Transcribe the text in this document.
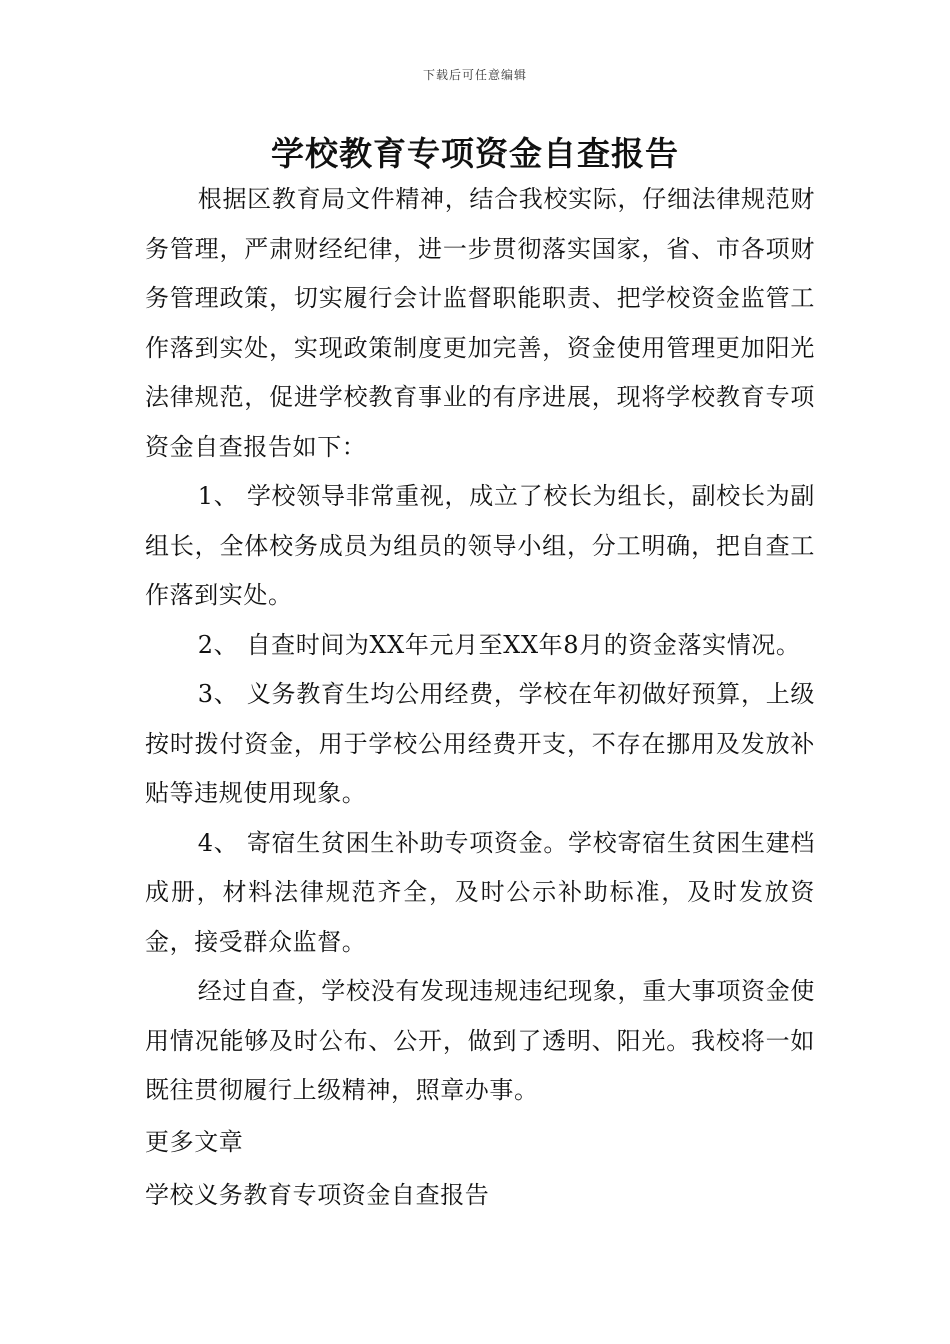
下载后可任意编辑
学校教育专项资金自查报告

根据区教育局文件精神，结合我校实际，仔细法律规范财务管理，严肃财经纪律，进一步贯彻落实国家，省、市各项财务管理政策，切实履行会计监督职能职责、把学校资金监管工作落到实处，实现政策制度更加完善，资金使用管理更加阳光法律规范，促进学校教育事业的有序进展，现将学校教育专项资金自查报告如下：

1、 学校领导非常重视，成立了校长为组长，副校长为副组长，全体校务成员为组员的领导小组，分工明确，把自查工作落到实处。

2、 自查时间为XX年元月至XX年8月的资金落实情况。

3、 义务教育生均公用经费，学校在年初做好预算，上级按时拨付资金，用于学校公用经费开支，不存在挪用及发放补贴等违规使用现象。

4、 寄宿生贫困生补助专项资金。学校寄宿生贫困生建档成册，材料法律规范齐全，及时公示补助标准，及时发放资金，接受群众监督。

经过自查，学校没有发现违规违纪现象，重大事项资金使用情况能够及时公布、公开，做到了透明、阳光。我校将一如既往贯彻履行上级精神，照章办事。

更多文章

学校义务教育专项资金自查报告
